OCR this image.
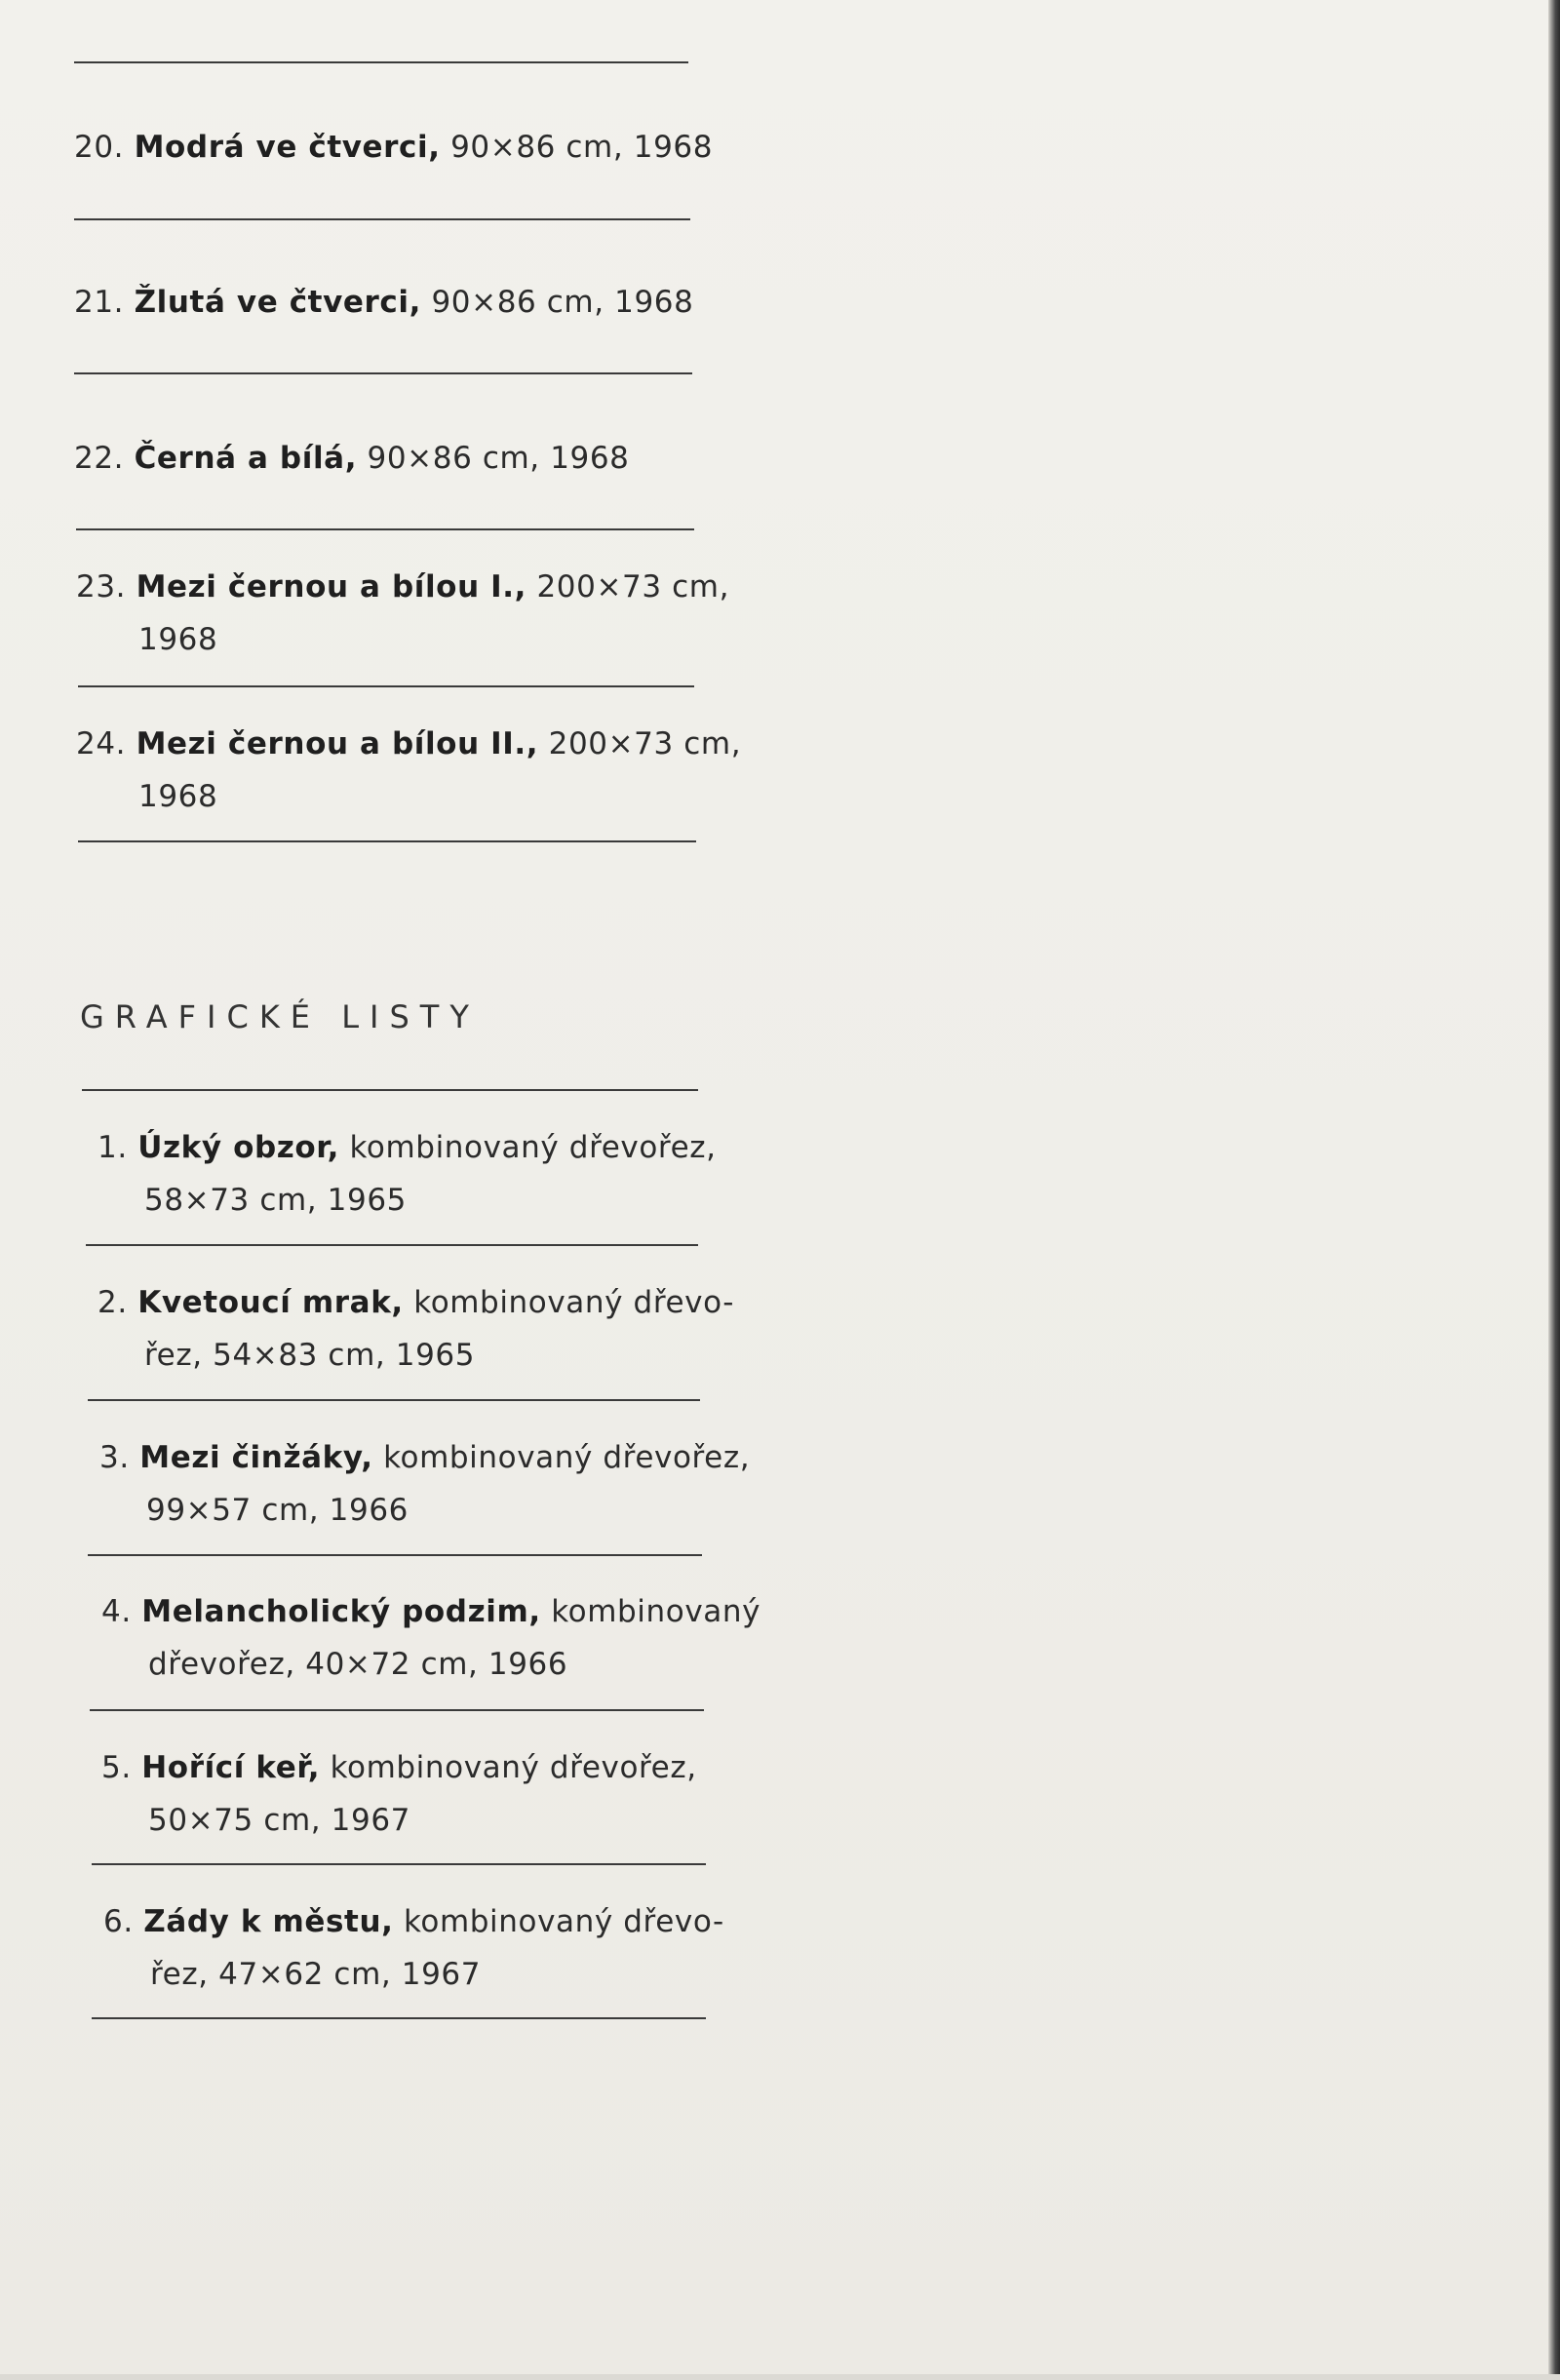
20. Modrá ve čtverci, 90×86 cm, 1968
21. Žlutá ve čtverci, 90×86 cm, 1968
22. Černá a bílá, 90×86 cm, 1968
23. Mezi černou a bílou I., 200×73 cm,
1968
24. Mezi černou a bílou II., 200×73 cm,
1968
GRAFICKÉ LISTY
1. Úzký obzor, kombinovaný dřevořez,
58×73 cm, 1965
2. Kvetoucí mrak, kombinovaný dřevo-
řez, 54×83 cm, 1965
3. Mezi činžáky, kombinovaný dřevořez,
99×57 cm, 1966
4. Melancholický podzim, kombinovaný
dřevořez, 40×72 cm, 1966
5. Hořící keř, kombinovaný dřevořez,
50×75 cm, 1967
6. Zády k městu, kombinovaný dřevo-
řez, 47×62 cm, 1967
